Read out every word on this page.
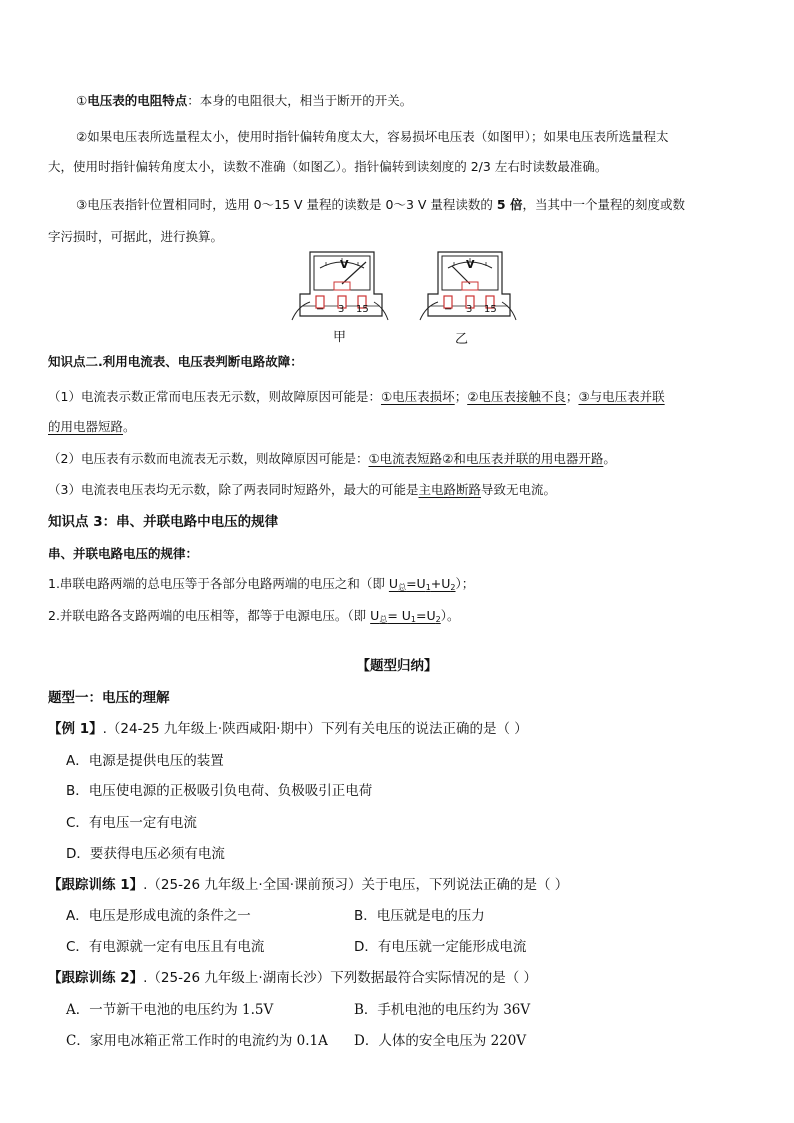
①电压表的电阻特点：本身的电阻很大，相当于断开的开关。
②如果电压表所选量程太小，使用时指针偏转角度太大，容易损坏电压表（如图甲）；如果电压表所选量程太
大，使用时指针偏转角度太小，读数不准确（如图乙）。指针偏转到读刻度的 2/3 左右时读数最准确。
③电压表指针位置相同时，选用 0～15 V 量程的读数是 0～3 V 量程读数的 5 倍，当其中一个量程的刻度或数
字污损时，可据此，进行换算。
V
− 3 15
甲
V
− 3 15
乙
知识点二.利用电流表、电压表判断电路故障：
（1）电流表示数正常而电压表无示数，则故障原因可能是：①电压表损坏；②电压表接触不良；③与电压表并联
的用电器短路。
（2）电压表有示数而电流表无示数，则故障原因可能是：①电流表短路②和电压表并联的用电器开路。
（3）电流表电压表均无示数，除了两表同时短路外，最大的可能是主电路断路导致无电流。
知识点 3：串、并联电路中电压的规律
串、并联电路电压的规律：
1.串联电路两端的总电压等于各部分电路两端的电压之和（即 $U_总=U_1+U_2$）；
2.并联电路各支路两端的电压相等，都等于电源电压。（即 $U_总= U_1=U_2$）。
【题型归纳】
题型一：电压的理解
【例 1】.（24-25 九年级上·陕西咸阳·期中）下列有关电压的说法正确的是（ ）
A．电源是提供电压的装置
B．电压使电源的正极吸引负电荷、负极吸引正电荷
C．有电压一定有电流
D．要获得电压必须有电流
【跟踪训练 1】.（25-26 九年级上·全国·课前预习）关于电压，下列说法正确的是（ ）
A．电压是形成电流的条件之一	B．电压就是电的压力
C．有电源就一定有电压且有电流	D．有电压就一定能形成电流
【跟踪训练 2】.（25-26 九年级上·湖南长沙）下列数据最符合实际情况的是（ ）
A．一节新干电池的电压约为 1.5V	B．手机电池的电压约为 36V
C．家用电冰箱正常工作时的电流约为 0.1A D．人体的安全电压为 220V
